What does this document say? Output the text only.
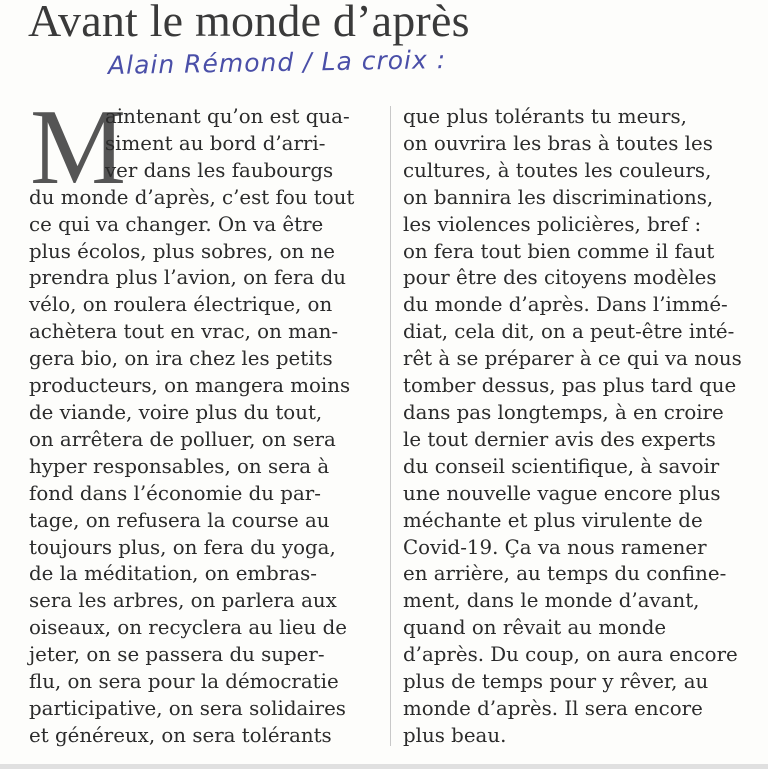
Avant le monde d’après
Alain Rémond / La croix :
M
aintenant qu’on est qua-
siment au bord d’arri-
ver dans les faubourgs
du monde d’après, c’est fou tout
ce qui va changer. On va être
plus écolos, plus sobres, on ne
prendra plus l’avion, on fera du
vélo, on roulera électrique, on
achètera tout en vrac, on man-
gera bio, on ira chez les petits
producteurs, on mangera moins
de viande, voire plus du tout,
on arrêtera de polluer, on sera
hyper responsables, on sera à
fond dans l’économie du par-
tage, on refusera la course au
toujours plus, on fera du yoga,
de la méditation, on embras-
sera les arbres, on parlera aux
oiseaux, on recyclera au lieu de
jeter, on se passera du super-
flu, on sera pour la démocratie
participative, on sera solidaires
et généreux, on sera tolérants
que plus tolérants tu meurs,
on ouvrira les bras à toutes les
cultures, à toutes les couleurs,
on bannira les discriminations,
les violences policières, bref :
on fera tout bien comme il faut
pour être des citoyens modèles
du monde d’après. Dans l’immé-
diat, cela dit, on a peut-être inté-
rêt à se préparer à ce qui va nous
tomber dessus, pas plus tard que
dans pas longtemps, à en croire
le tout dernier avis des experts
du conseil scientifique, à savoir
une nouvelle vague encore plus
méchante et plus virulente de
Covid-19. Ça va nous ramener
en arrière, au temps du confine-
ment, dans le monde d’avant,
quand on rêvait au monde
d’après. Du coup, on aura encore
plus de temps pour y rêver, au
monde d’après. Il sera encore
plus beau.
